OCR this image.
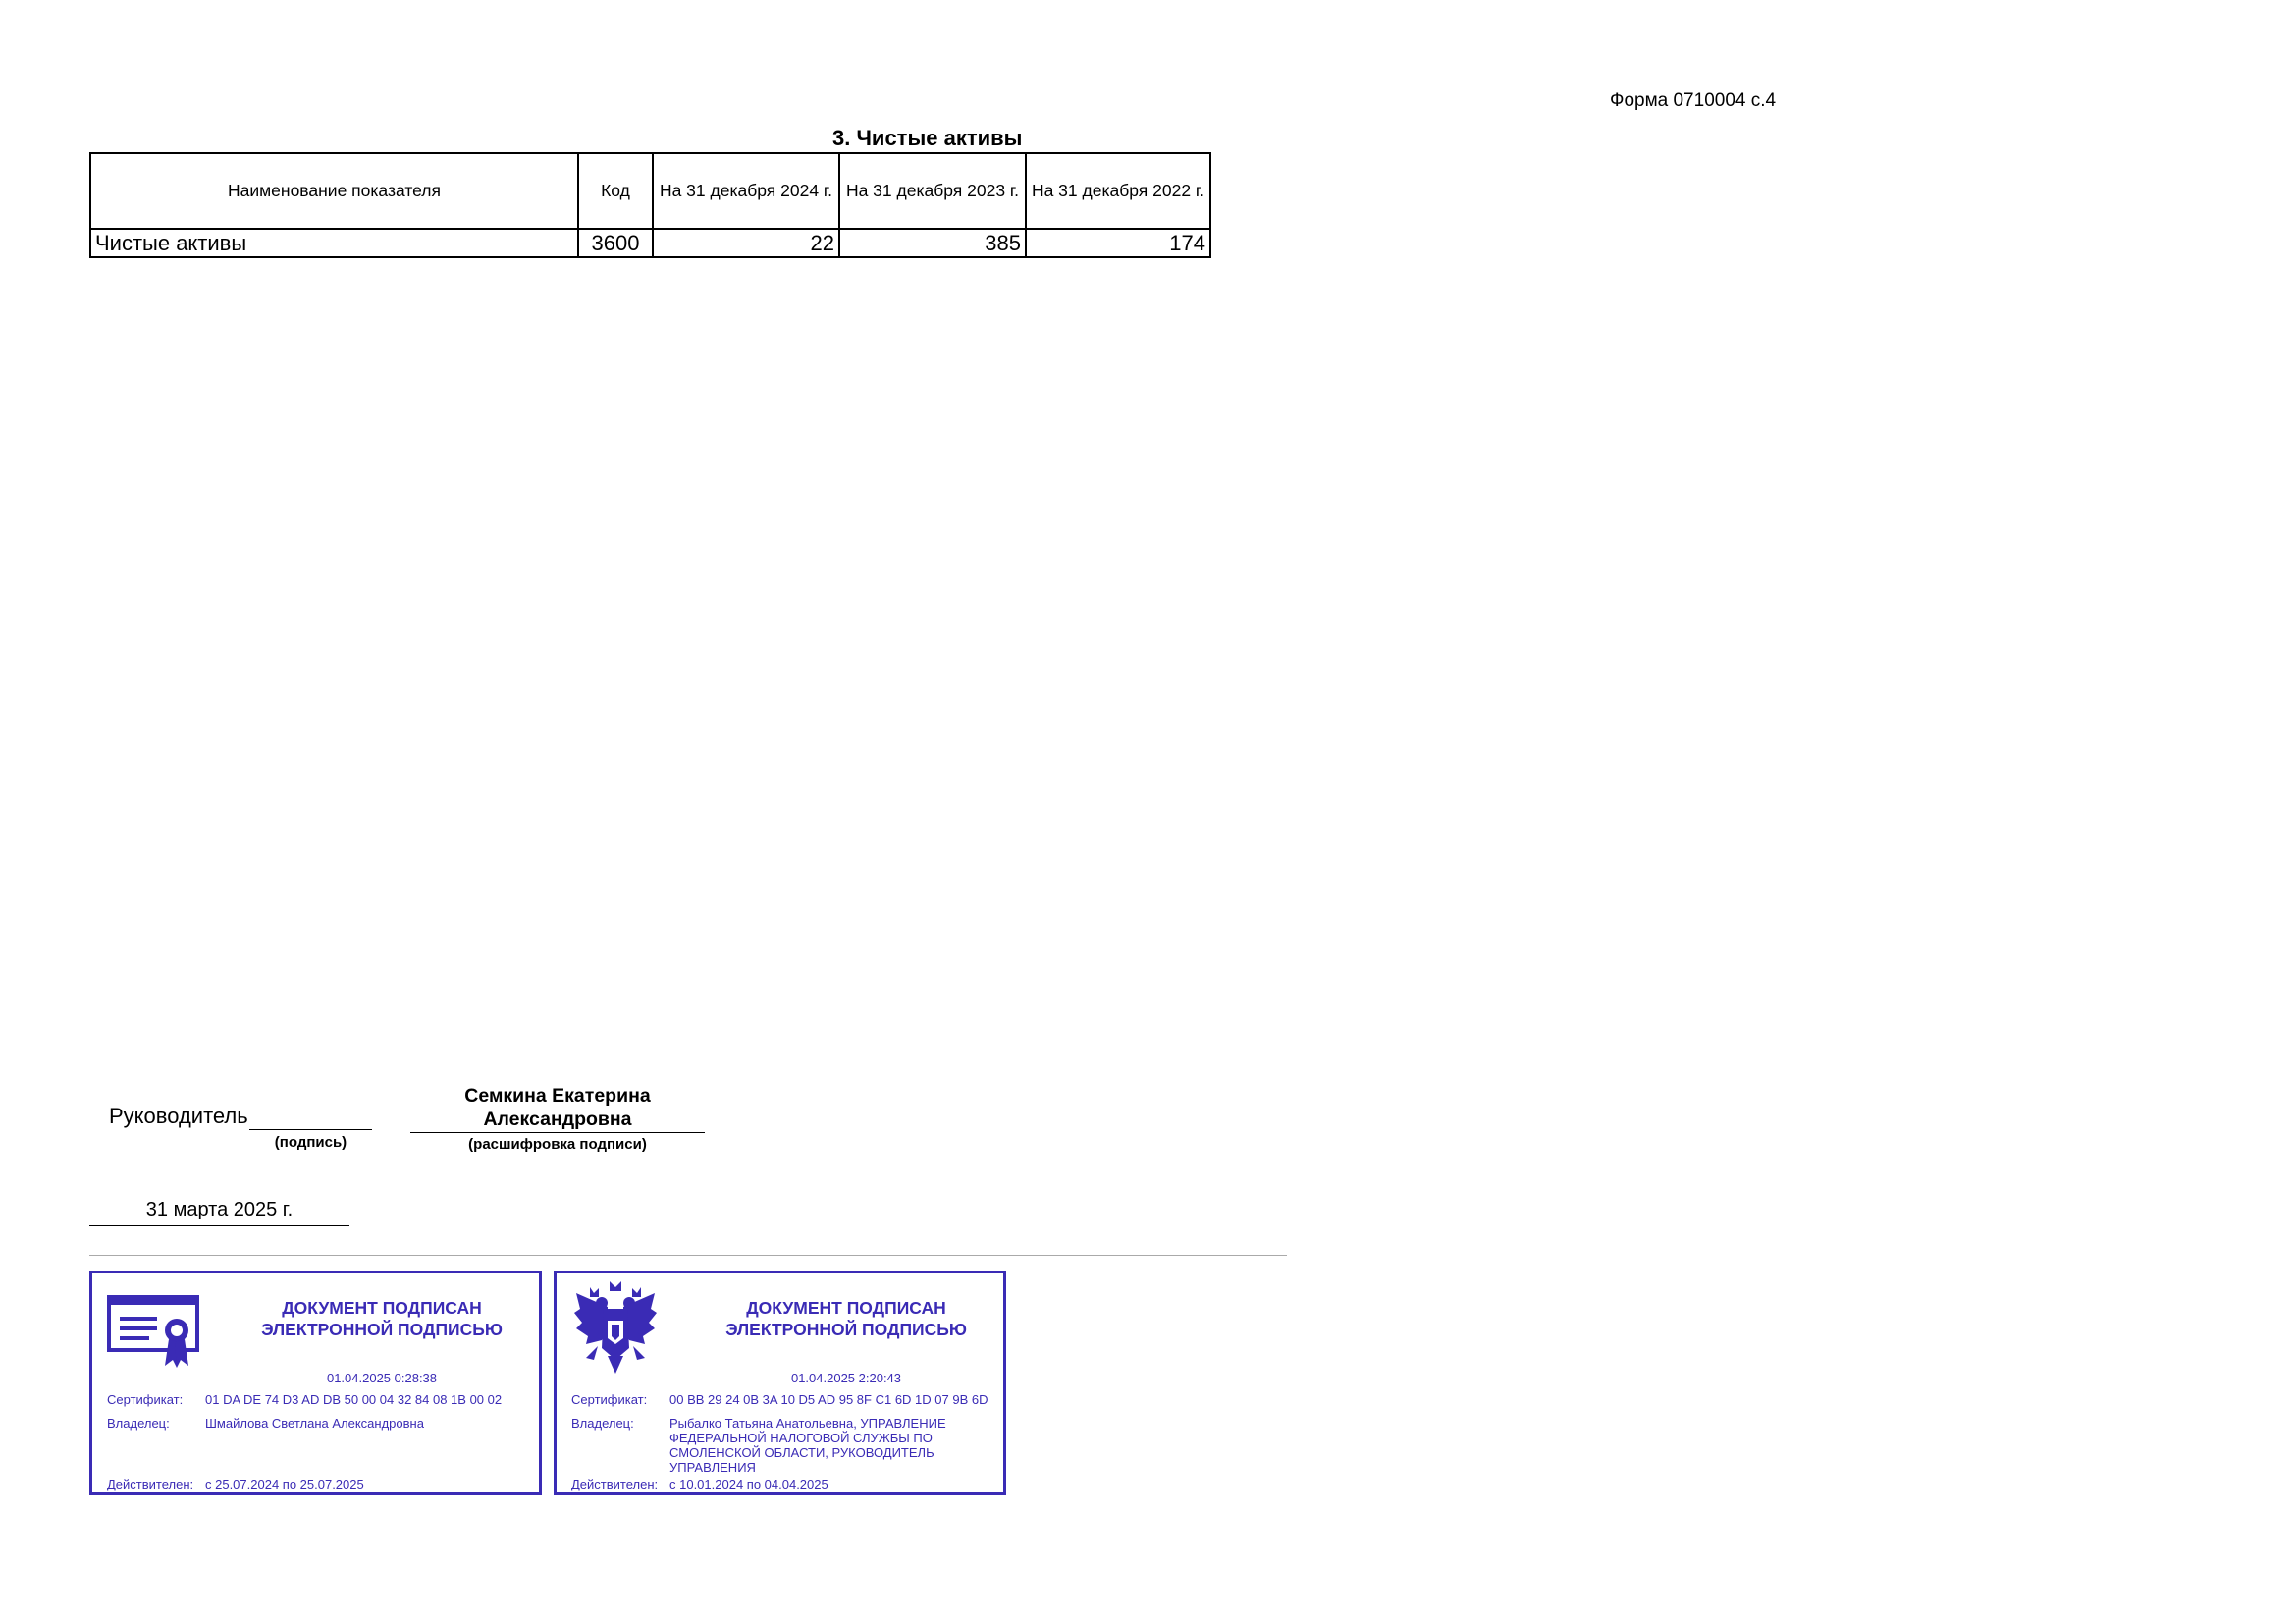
Форма 0710004 с.4
3. Чистые активы
Наименование показателя	Код	На 31 декабря 2024 г.	На 31 декабря 2023 г.	На 31 декабря 2022 г.
Чистые активы	3600	22	385	174
Руководитель
(подпись)
Семкина Екатерина
Александровна
(расшифровка подписи)
31 марта 2025 г.
ДОКУМЕНТ ПОДПИСАН
ЭЛЕКТРОННОЙ ПОДПИСЬЮ
01.04.2025 0:28:38
Сертификат:	01 DA DE 74 D3 AD DB 50 00 04 32 84 08 1B 00 02
Владелец:	Шмайлова Светлана Александровна
Действителен: с 25.07.2024 по 25.07.2025
ДОКУМЕНТ ПОДПИСАН
ЭЛЕКТРОННОЙ ПОДПИСЬЮ
01.04.2025 2:20:43
Сертификат:	00 BB 29 24 0B 3A 10 D5 AD 95 8F C1 6D 1D 07 9B 6D
Владелец:	Рыбалко Татьяна Анатольевна, УПРАВЛЕНИЕ ФЕДЕРАЛЬНОЙ НАЛОГОВОЙ СЛУЖБЫ ПО СМОЛЕНСКОЙ ОБЛАСТИ, РУКОВОДИТЕЛЬ УПРАВЛЕНИЯ
Действителен: с 10.01.2024 по 04.04.2025
